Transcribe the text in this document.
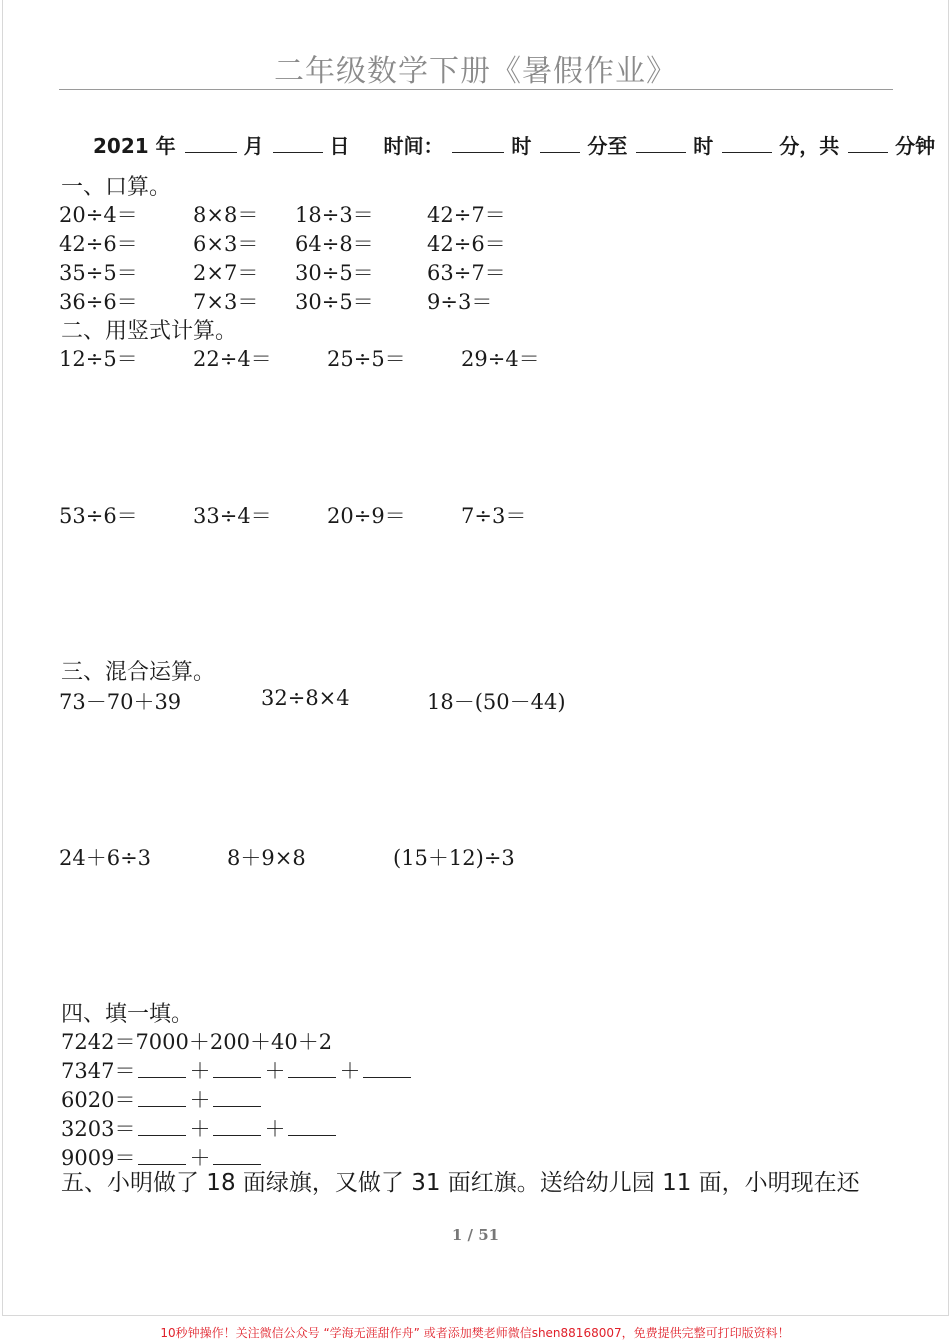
二年级数学下册《暑假作业》
2021 年	月	日 时间：	时	分至	时	分，共	分钟
一、口算。
20÷4＝	8×8＝ 18÷3＝	42÷7＝
42÷6＝	6×3＝ 64÷8＝	42÷6＝
35÷5＝	2×7＝ 30÷5＝	63÷7＝
36÷6＝	7×3＝ 30÷5＝	9÷3＝
二、用竖式计算。
12÷5＝	22÷4＝	25÷5＝	29÷4＝
53÷6＝	33÷4＝	20÷9＝	7÷3＝
三、混合运算。
73－70＋39	32÷8×4	18－(50－44)
24＋6÷3	8＋9×8	(15＋12)÷3
四、填一填。
7242＝7000＋200＋40＋2
7347＝	＋	＋	＋
6020＝	＋
3203＝	＋	＋
9009＝	＋
五、小明做了 18 面绿旗，又做了 31 面红旗。送给幼儿园 11 面，小明现在还
1 / 51
10秒钟操作！关注微信公众号 “学海无涯甜作舟” 或者添加樊老师微信shen88168007，免费提供完整可打印版资料！
